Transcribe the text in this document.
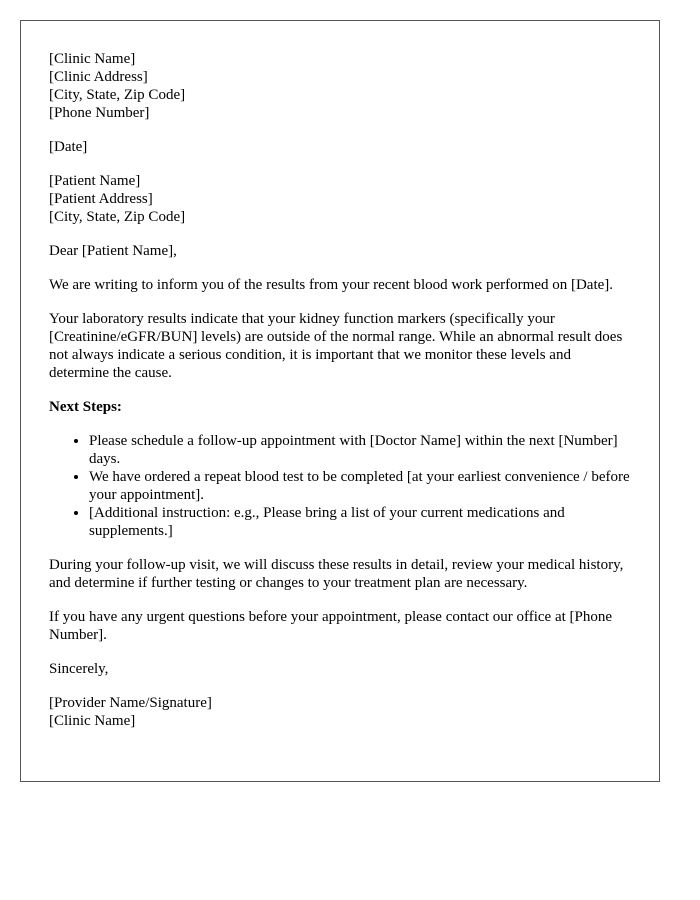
[Clinic Name]
[Clinic Address]
[City, State, Zip Code]
[Phone Number]
[Date]
[Patient Name]
[Patient Address]
[City, State, Zip Code]

Dear [Patient Name],

We are writing to inform you of the results from your recent blood work performed on [Date].

Your laboratory results indicate that your kidney function markers (specifically your [Creatinine/eGFR/BUN] levels) are outside of the normal range. While an abnormal result does not always indicate a serious condition, it is important that we monitor these levels and determine the cause.

Next Steps:
• Please schedule a follow-up appointment with [Doctor Name] within the next [Number] days.
• We have ordered a repeat blood test to be completed [at your earliest convenience / before your appointment].
• [Additional instruction: e.g., Please bring a list of your current medications and supplements.]

During your follow-up visit, we will discuss these results in detail, review your medical history, and determine if further testing or changes to your treatment plan are necessary.

If you have any urgent questions before your appointment, please contact our office at [Phone Number].

Sincerely,

[Provider Name/Signature]
[Clinic Name]
